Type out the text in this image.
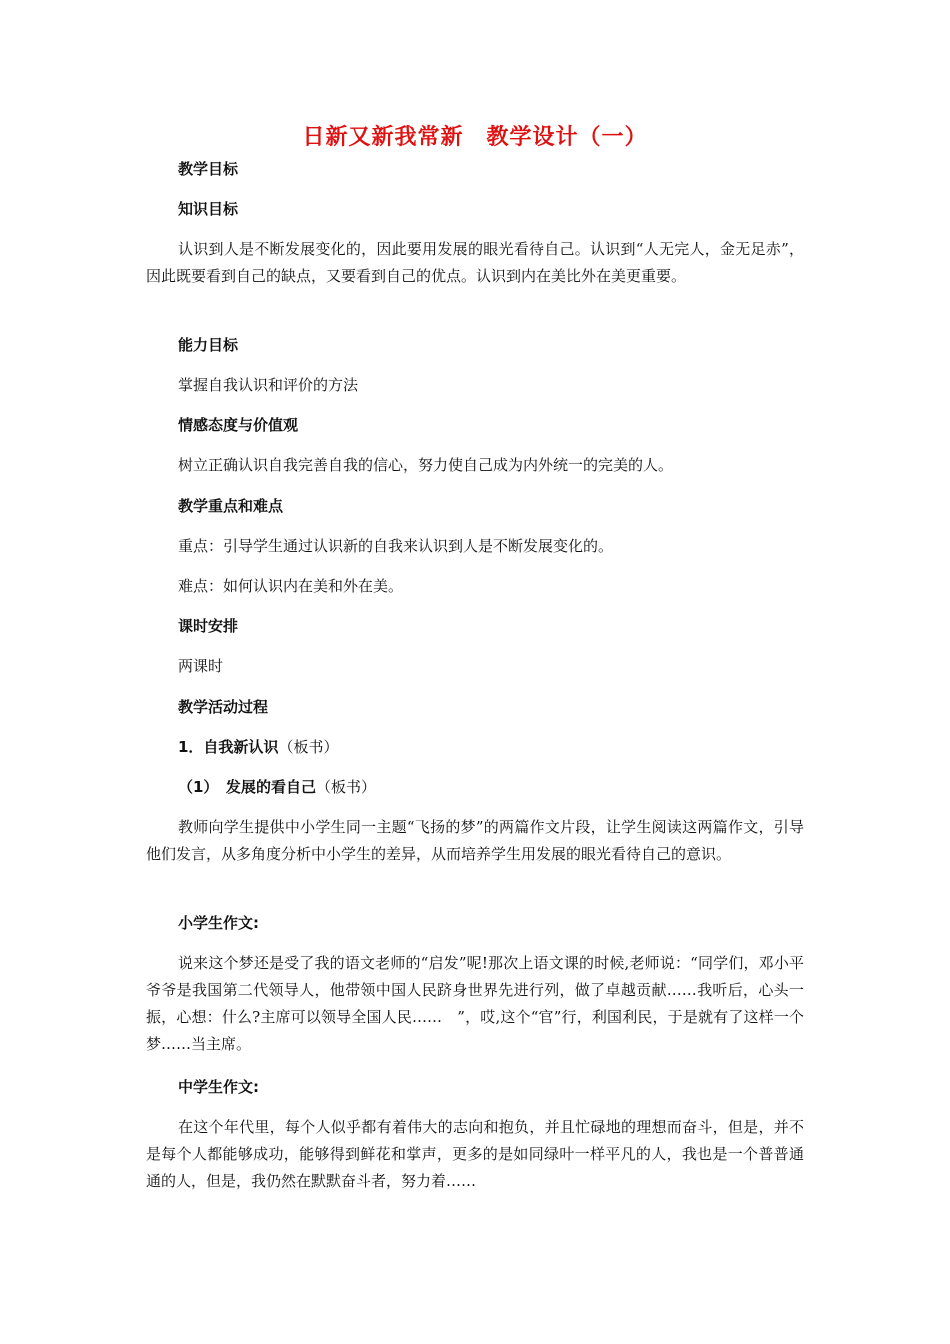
日新又新我常新　教学设计（一）
教学目标
知识目标
认识到人是不断发展变化的，因此要用发展的眼光看待自己。认识到“人无完人，金无足赤”，因此既要看到自己的缺点，又要看到自己的优点。认识到内在美比外在美更重要。
能力目标
掌握自我认识和评价的方法
情感态度与价值观
树立正确认识自我完善自我的信心，努力使自己成为内外统一的完美的人。
教学重点和难点
重点：引导学生通过认识新的自我来认识到人是不断发展变化的。
难点：如何认识内在美和外在美。
课时安排
两课时
教学活动过程
1．自我新认识（板书）
（1）　发展的看自己（板书）
教师向学生提供中小学生同一主题“飞扬的梦”的两篇作文片段，让学生阅读这两篇作文，引导他们发言，从多角度分析中小学生的差异，从而培养学生用发展的眼光看待自己的意识。
小学生作文:
说来这个梦还是受了我的语文老师的“启发”呢!那次上语文课的时候,老师说：“同学们，邓小平爷爷是我国第二代领导人，他带领中国人民跻身世界先进行列，做了卓越贡献……我听后，心头一振，心想：什么?主席可以领导全国人民……　”，哎,这个“官”行，利国利民，于是就有了这样一个梦……当主席。
中学生作文:
在这个年代里，每个人似乎都有着伟大的志向和抱负，并且忙碌地的理想而奋斗，但是，并不是每个人都能够成功，能够得到鲜花和掌声，更多的是如同绿叶一样平凡的人，我也是一个普普通通的人，但是，我仍然在默默奋斗者，努力着……
